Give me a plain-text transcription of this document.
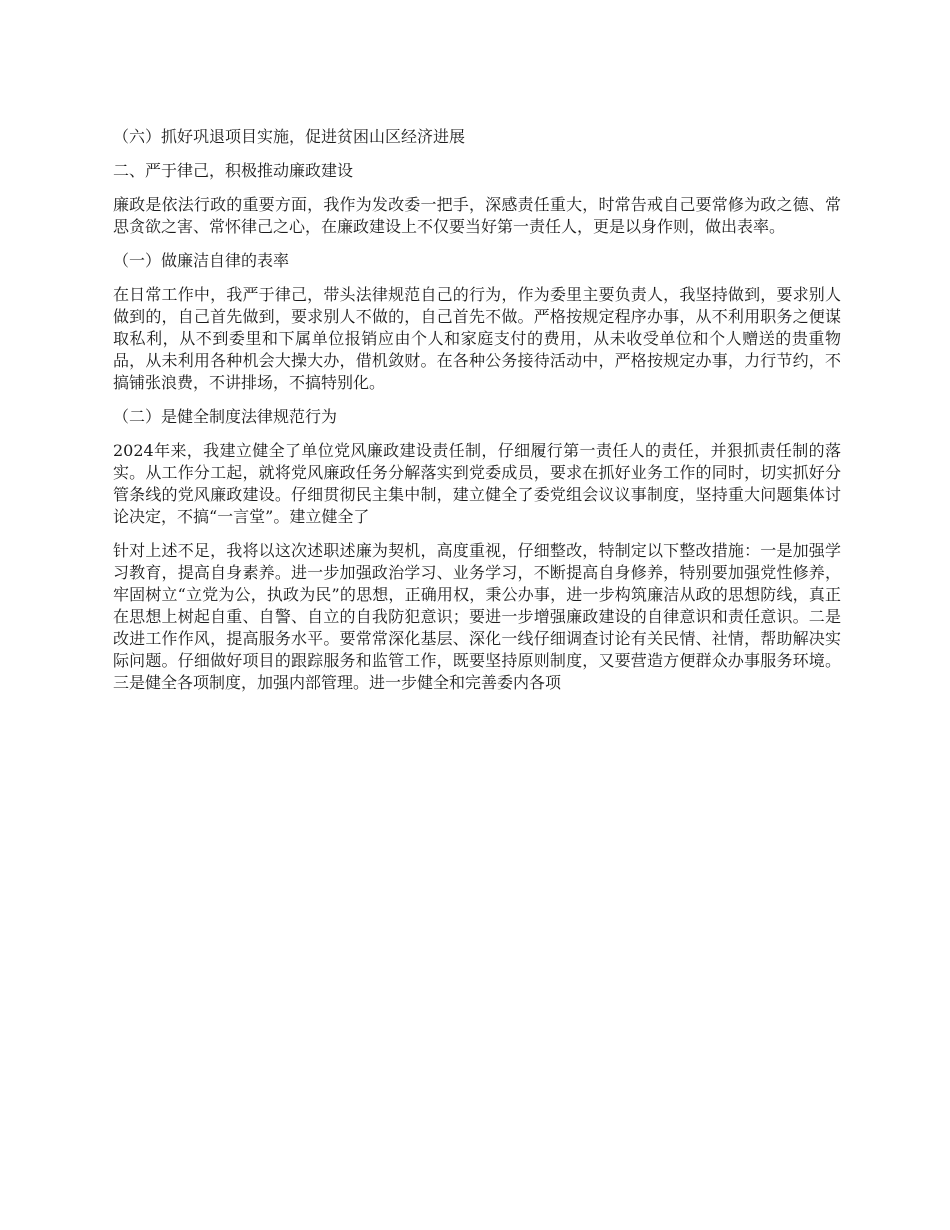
（六）抓好巩退项目实施，促进贫困山区经济进展

二、严于律己，积极推动廉政建设

廉政是依法行政的重要方面，我作为发改委一把手，深感责任重大，时常告戒自己要常修为政之德、常思贪欲之害、常怀律己之心，在廉政建设上不仅要当好第一责任人，更是以身作则，做出表率。

（一）做廉洁自律的表率

在日常工作中，我严于律己，带头法律规范自己的行为，作为委里主要负责人，我坚持做到，要求别人做到的，自己首先做到，要求别人不做的，自己首先不做。严格按规定程序办事，从不利用职务之便谋取私利，从不到委里和下属单位报销应由个人和家庭支付的费用，从未收受单位和个人赠送的贵重物品，从未利用各种机会大操大办，借机敛财。在各种公务接待活动中，严格按规定办事，力行节约，不搞铺张浪费，不讲排场，不搞特别化。

（二）是健全制度法律规范行为

2024年来，我建立健全了单位党风廉政建设责任制，仔细履行第一责任人的责任，并狠抓责任制的落实。从工作分工起，就将党风廉政任务分解落实到党委成员，要求在抓好业务工作的同时，切实抓好分管条线的党风廉政建设。仔细贯彻民主集中制，建立健全了委党组会议议事制度，坚持重大问题集体讨论决定，不搞“一言堂”。建立健全了

针对上述不足，我将以这次述职述廉为契机，高度重视，仔细整改，特制定以下整改措施：一是加强学习教育，提高自身素养。进一步加强政治学习、业务学习，不断提高自身修养，特别要加强党性修养，牢固树立“立党为公，执政为民”的思想，正确用权，秉公办事，进一步构筑廉洁从政的思想防线，真正在思想上树起自重、自警、自立的自我防犯意识；要进一步增强廉政建设的自律意识和责任意识。二是改进工作作风，提高服务水平。要常常深化基层、深化一线仔细调查讨论有关民情、社情，帮助解决实际问题。仔细做好项目的跟踪服务和监管工作，既要坚持原则制度，又要营造方便群众办事服务环境。三是健全各项制度，加强内部管理。进一步健全和完善委内各项
